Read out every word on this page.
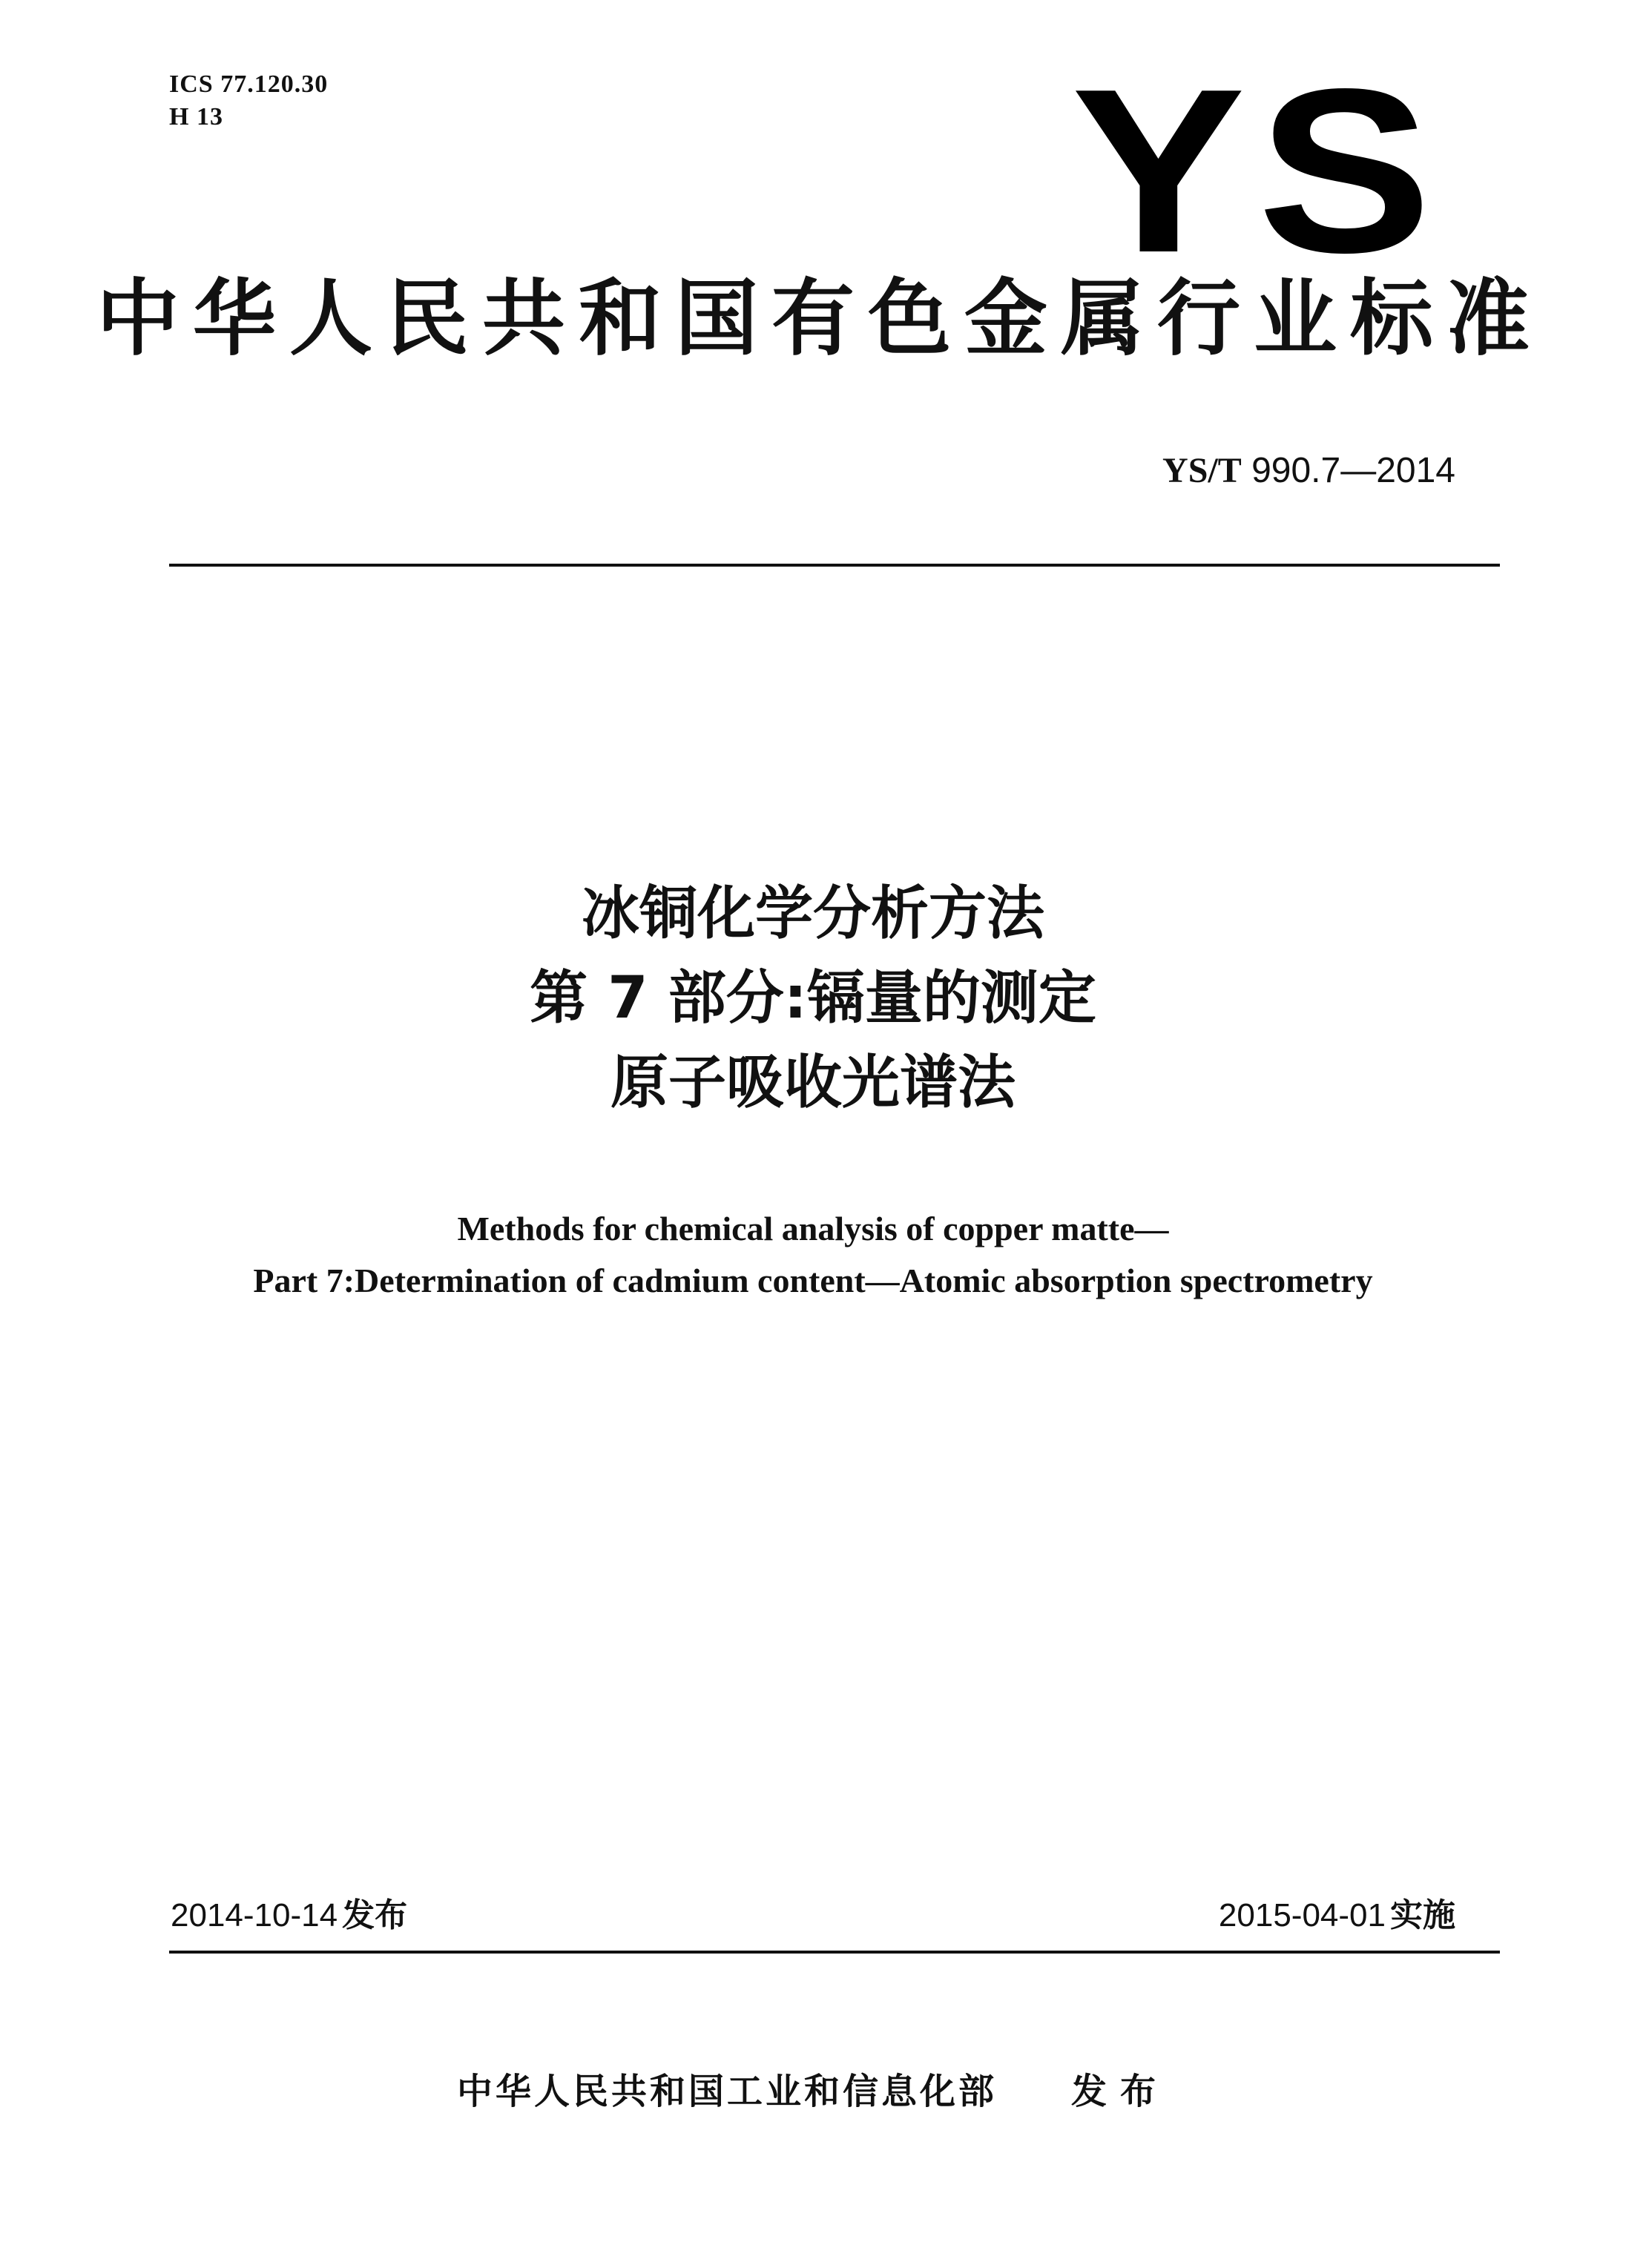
ICS 77.120.30
H 13	YS
中华人民共和国有色金属行业标准
YS/T 990.7—2014
冰铜化学分析方法
第 7 部分:镉量的测定
原子吸收光谱法
Methods for chemical analysis of copper matte—
Part 7:Determination of cadmium content—Atomic absorption spectrometry
2014-10-14 发布	2015-04-01 实施
中华人民共和国工业和信息化部 发布
